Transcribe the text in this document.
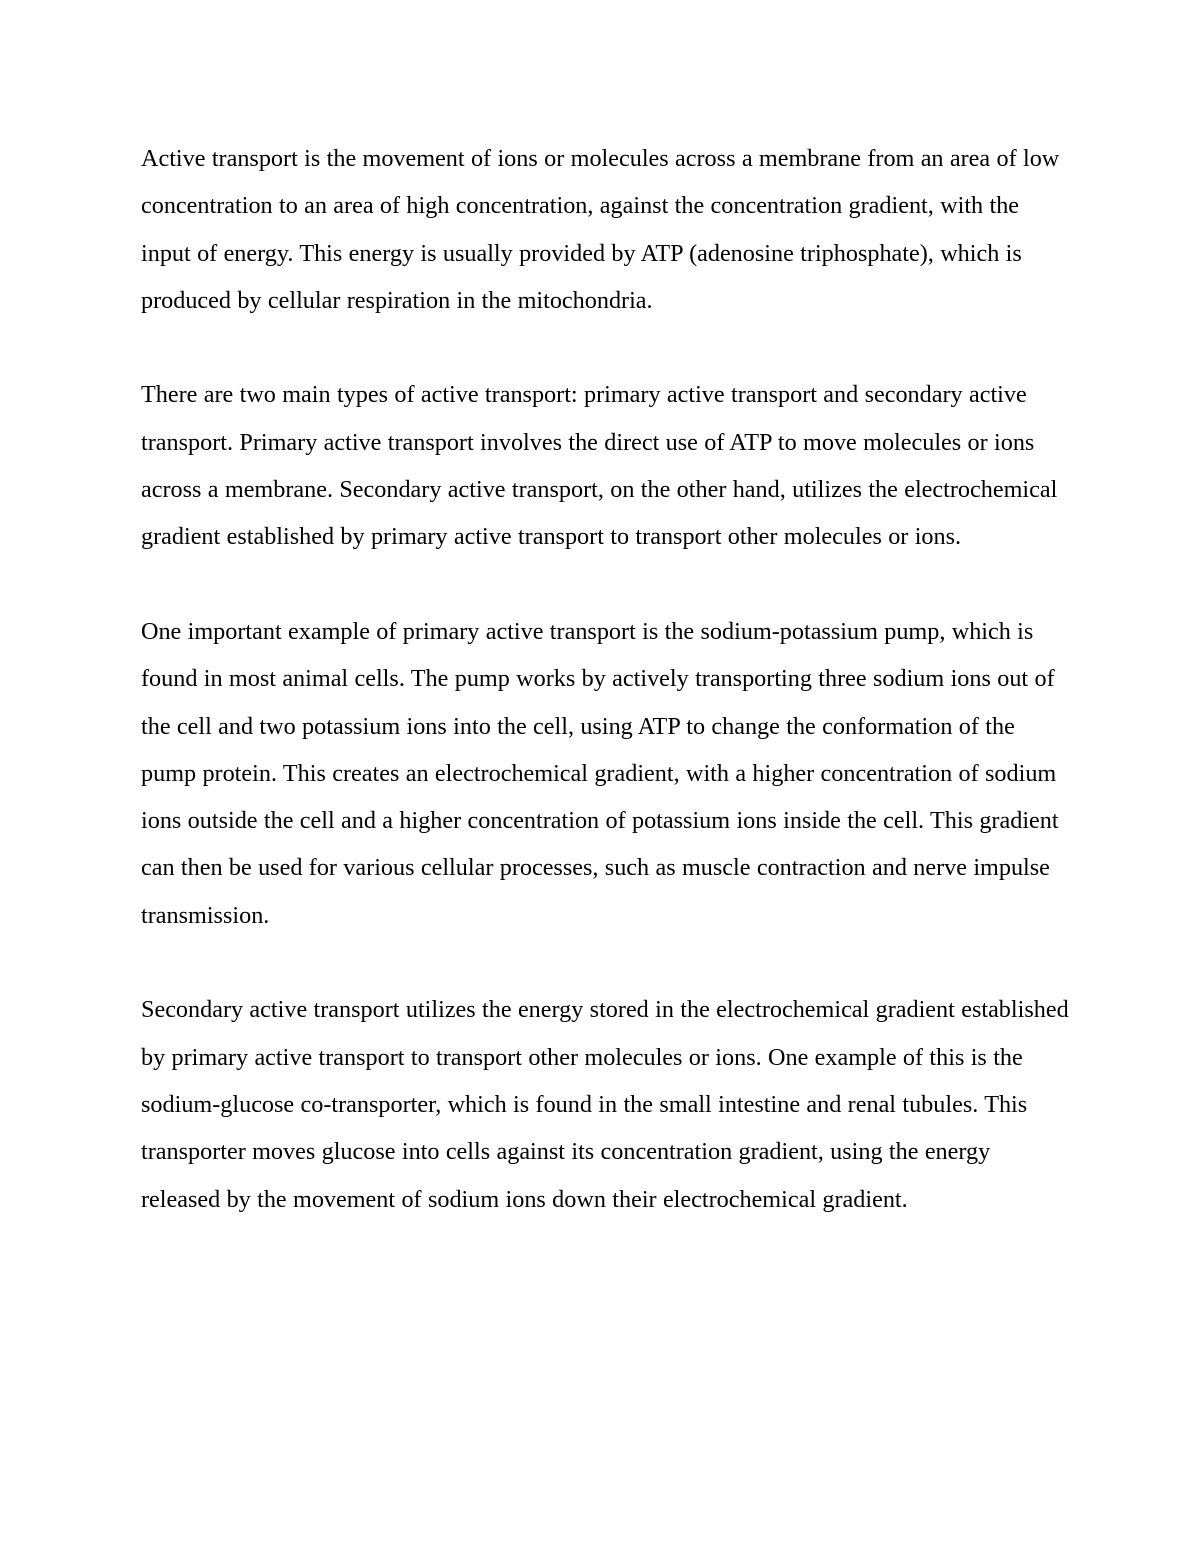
Active transport is the movement of ions or molecules across a membrane from an area of low concentration to an area of high concentration, against the concentration gradient, with the input of energy. This energy is usually provided by ATP (adenosine triphosphate), which is produced by cellular respiration in the mitochondria.

There are two main types of active transport: primary active transport and secondary active transport. Primary active transport involves the direct use of ATP to move molecules or ions across a membrane. Secondary active transport, on the other hand, utilizes the electrochemical gradient established by primary active transport to transport other molecules or ions.

One important example of primary active transport is the sodium-potassium pump, which is found in most animal cells. The pump works by actively transporting three sodium ions out of the cell and two potassium ions into the cell, using ATP to change the conformation of the pump protein. This creates an electrochemical gradient, with a higher concentration of sodium ions outside the cell and a higher concentration of potassium ions inside the cell. This gradient can then be used for various cellular processes, such as muscle contraction and nerve impulse transmission.

Secondary active transport utilizes the energy stored in the electrochemical gradient established by primary active transport to transport other molecules or ions. One example of this is the sodium-glucose co-transporter, which is found in the small intestine and renal tubules. This transporter moves glucose into cells against its concentration gradient, using the energy released by the movement of sodium ions down their electrochemical gradient.
